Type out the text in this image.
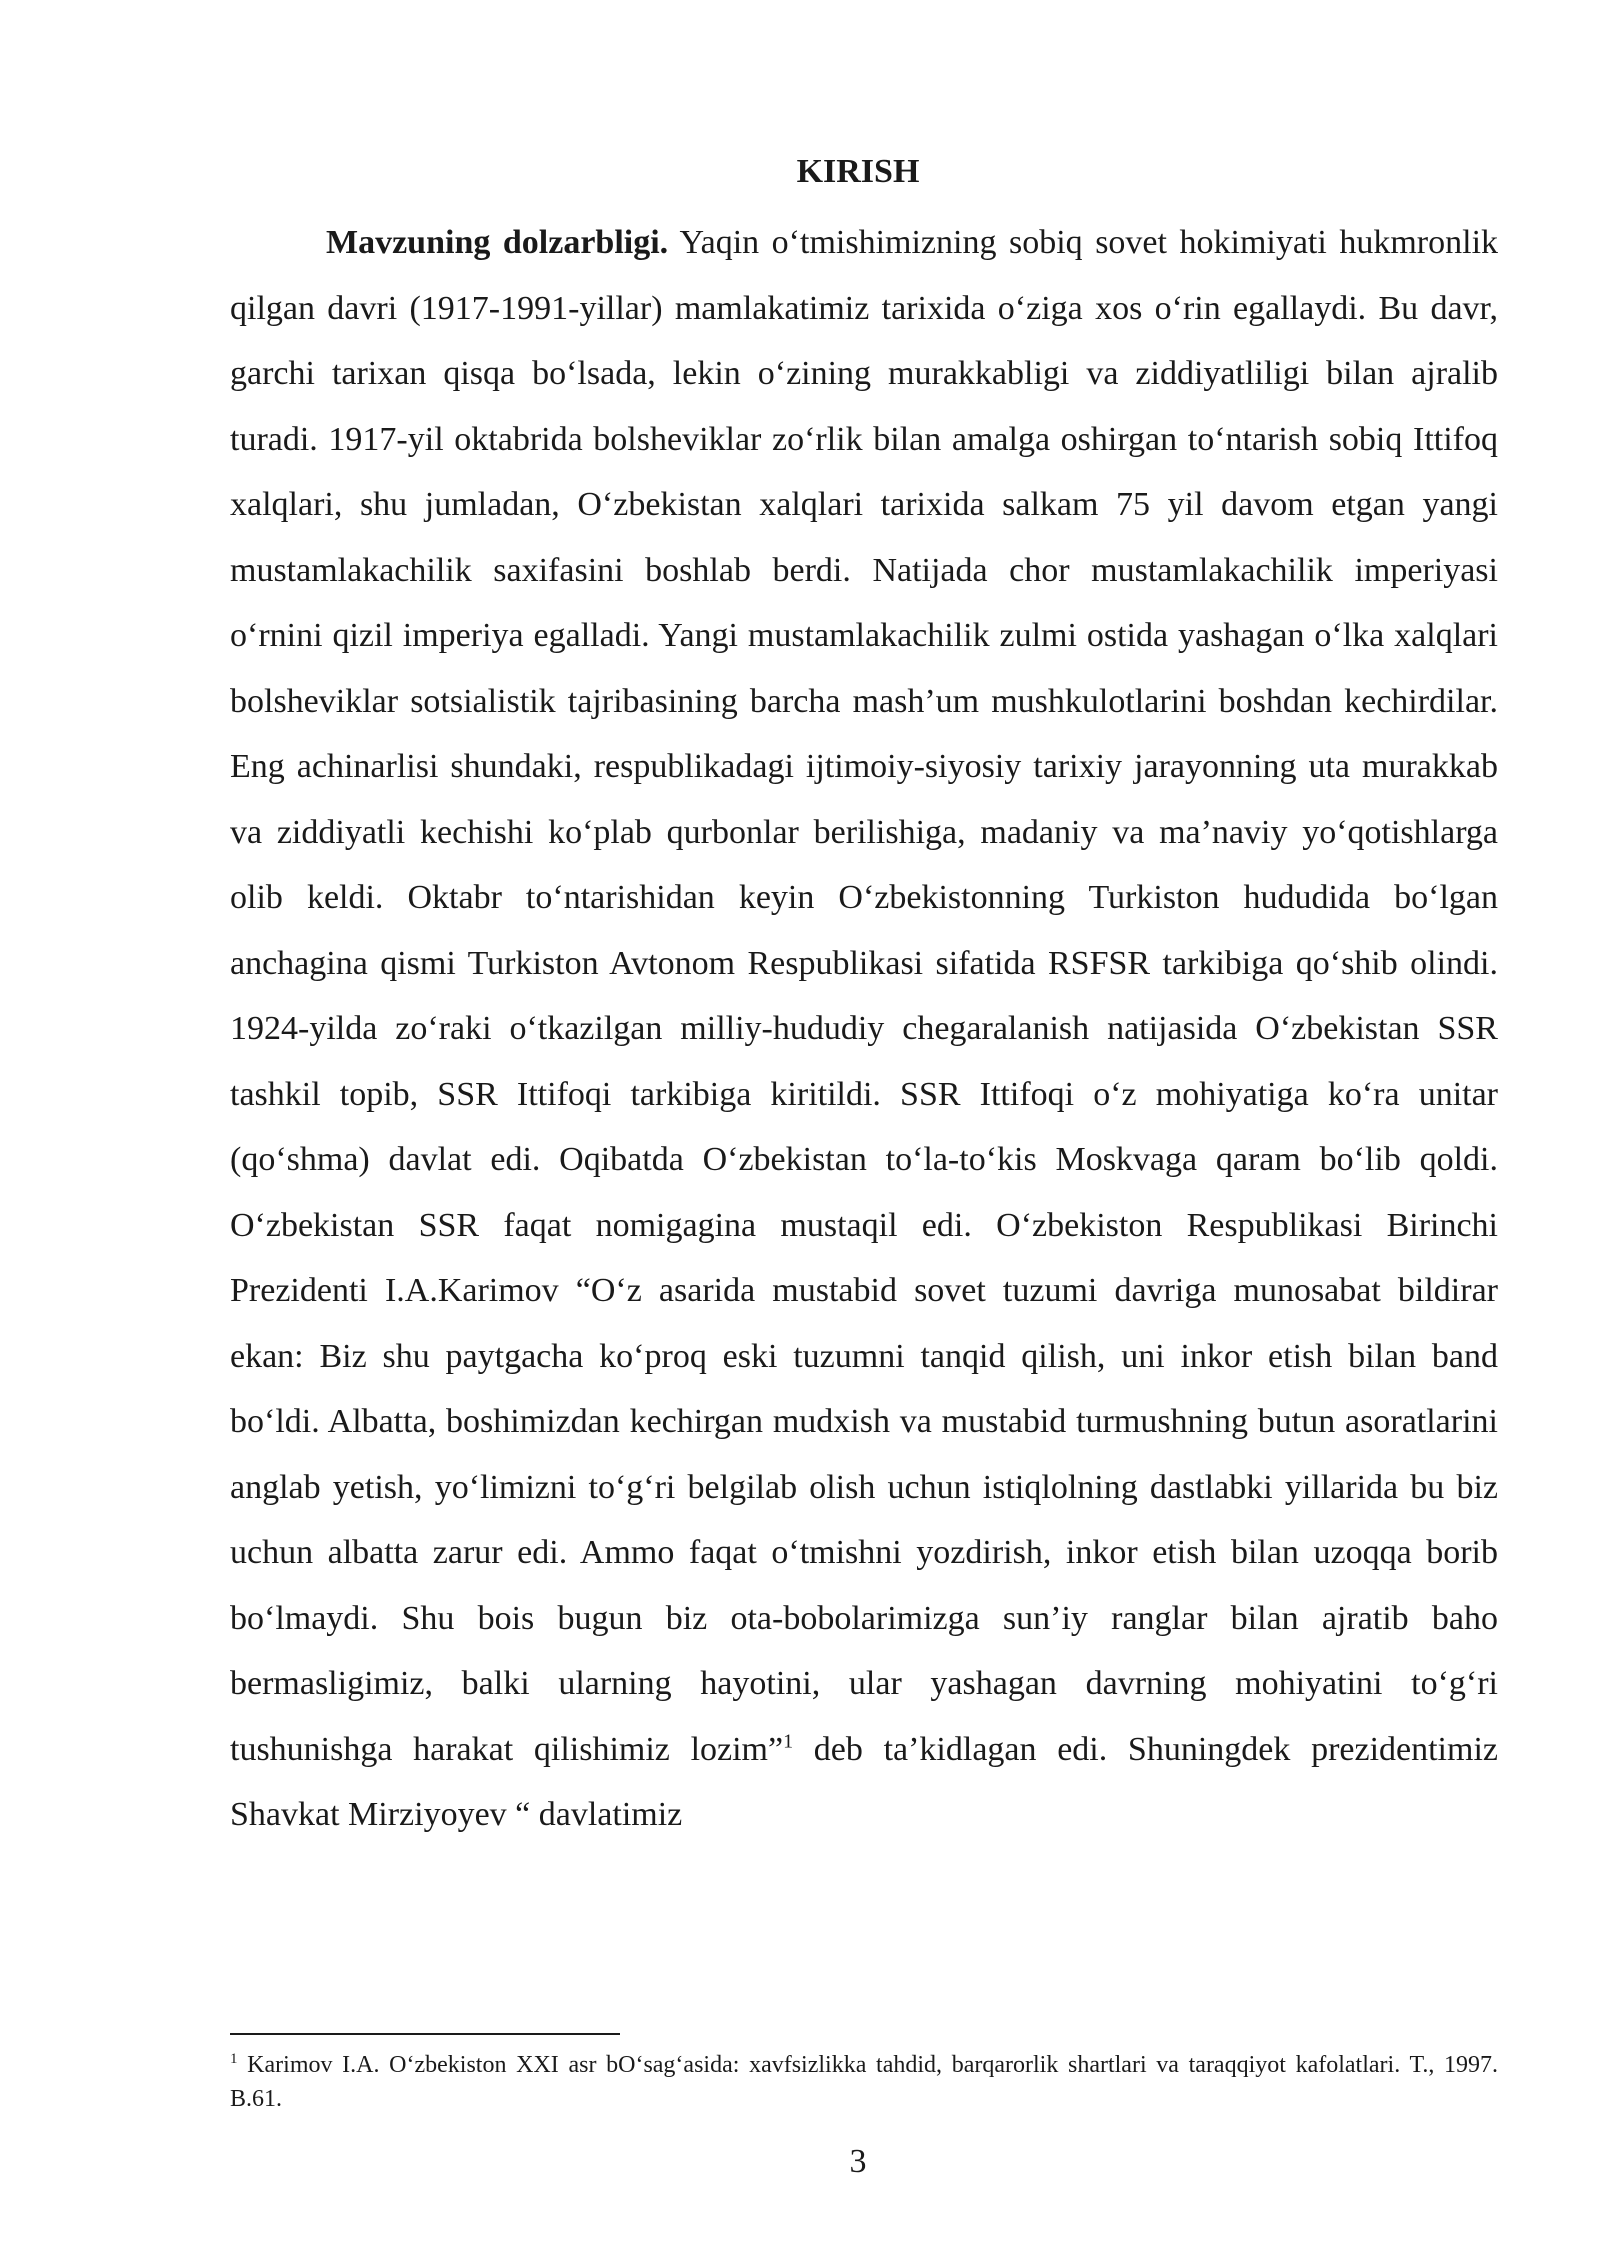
KIRISH

Mavzuning dolzarbligi. Yaqin o‘tmishimizning sobiq sovet hokimiyati hukmronlik qilgan davri (1917-1991-yillar) mamlakatimiz tarixida o‘ziga xos o‘rin egallaydi. Bu davr, garchi tarixan qisqa bo‘lsada, lekin o‘zining murakkabligi va ziddiyatliligi bilan ajralib turadi. 1917-yil oktabrida bolsheviklar zo‘rlik bilan amalga oshirgan to‘ntarish sobiq Ittifoq xalqlari, shu jumladan, O‘zbekistan xalqlari tarixida salkam 75 yil davom etgan yangi mustamlakachilik saxifasini boshlab berdi. Natijada chor mustamlakachilik imperiyasi o‘rnini qizil imperiya egalladi. Yangi mustamlakachilik zulmi ostida yashagan o‘lka xalqlari bolsheviklar sotsialistik tajribasining barcha mash’um mushkulotlarini boshdan kechirdilar. Eng achinarlisi shundaki, respublikadagi ijtimoiy-siyosiy tarixiy jarayonning uta murakkab va ziddiyatli kechishi ko‘plab qurbonlar berilishiga, madaniy va ma’naviy yo‘qotishlarga olib keldi. Oktabr to‘ntarishidan keyin O‘zbekistonning Turkiston hududida bo‘lgan anchagina qismi Turkiston Avtonom Respublikasi sifatida RSFSR tarkibiga qo‘shib olindi. 1924-yilda zo‘raki o‘tkazilgan milliy-hududiy chegaralanish natijasida O‘zbekistan SSR tashkil topib, SSR Ittifoqi tarkibiga kiritildi. SSR Ittifoqi o‘z mohiyatiga ko‘ra unitar (qo‘shma) davlat edi. Oqibatda O‘zbekistan to‘la-to‘kis Moskvaga qaram bo‘lib qoldi. O‘zbekistan SSR faqat nomigagina mustaqil edi. O‘zbekiston Respublikasi Birinchi Prezidenti I.A.Karimov “O‘z asarida mustabid sovet tuzumi davriga munosabat bildirar ekan: Biz shu paytgacha ko‘proq eski tuzumni tanqid qilish, uni inkor etish bilan band bo‘ldi. Albatta, boshimizdan kechirgan mudxish va mustabid turmushning butun asoratlarini anglab yetish, yo‘limizni to‘g‘ri belgilab olish uchun istiqlolning dastlabki yillarida bu biz uchun albatta zarur edi. Ammo faqat o‘tmishni yozdirish, inkor etish bilan uzoqqa borib bo‘lmaydi. Shu bois bugun biz ota-bobolarimizga sun’iy ranglar bilan ajratib baho bermasligimiz, balki ularning hayotini, ular yashagan davrning mohiyatini to‘g‘ri tushunishga harakat qilishimiz lozim”$^1$ deb ta’kidlagan edi. Shuningdek prezidentimiz Shavkat Mirziyoyev “ davlatimiz

$^1$ Karimov I.A. O‘zbekiston XXI asr bO‘sag‘asida: xavfsizlikka tahdid, barqarorlik shartlari va taraqqiyot kafolatlari. T., 1997. B.61.
3
